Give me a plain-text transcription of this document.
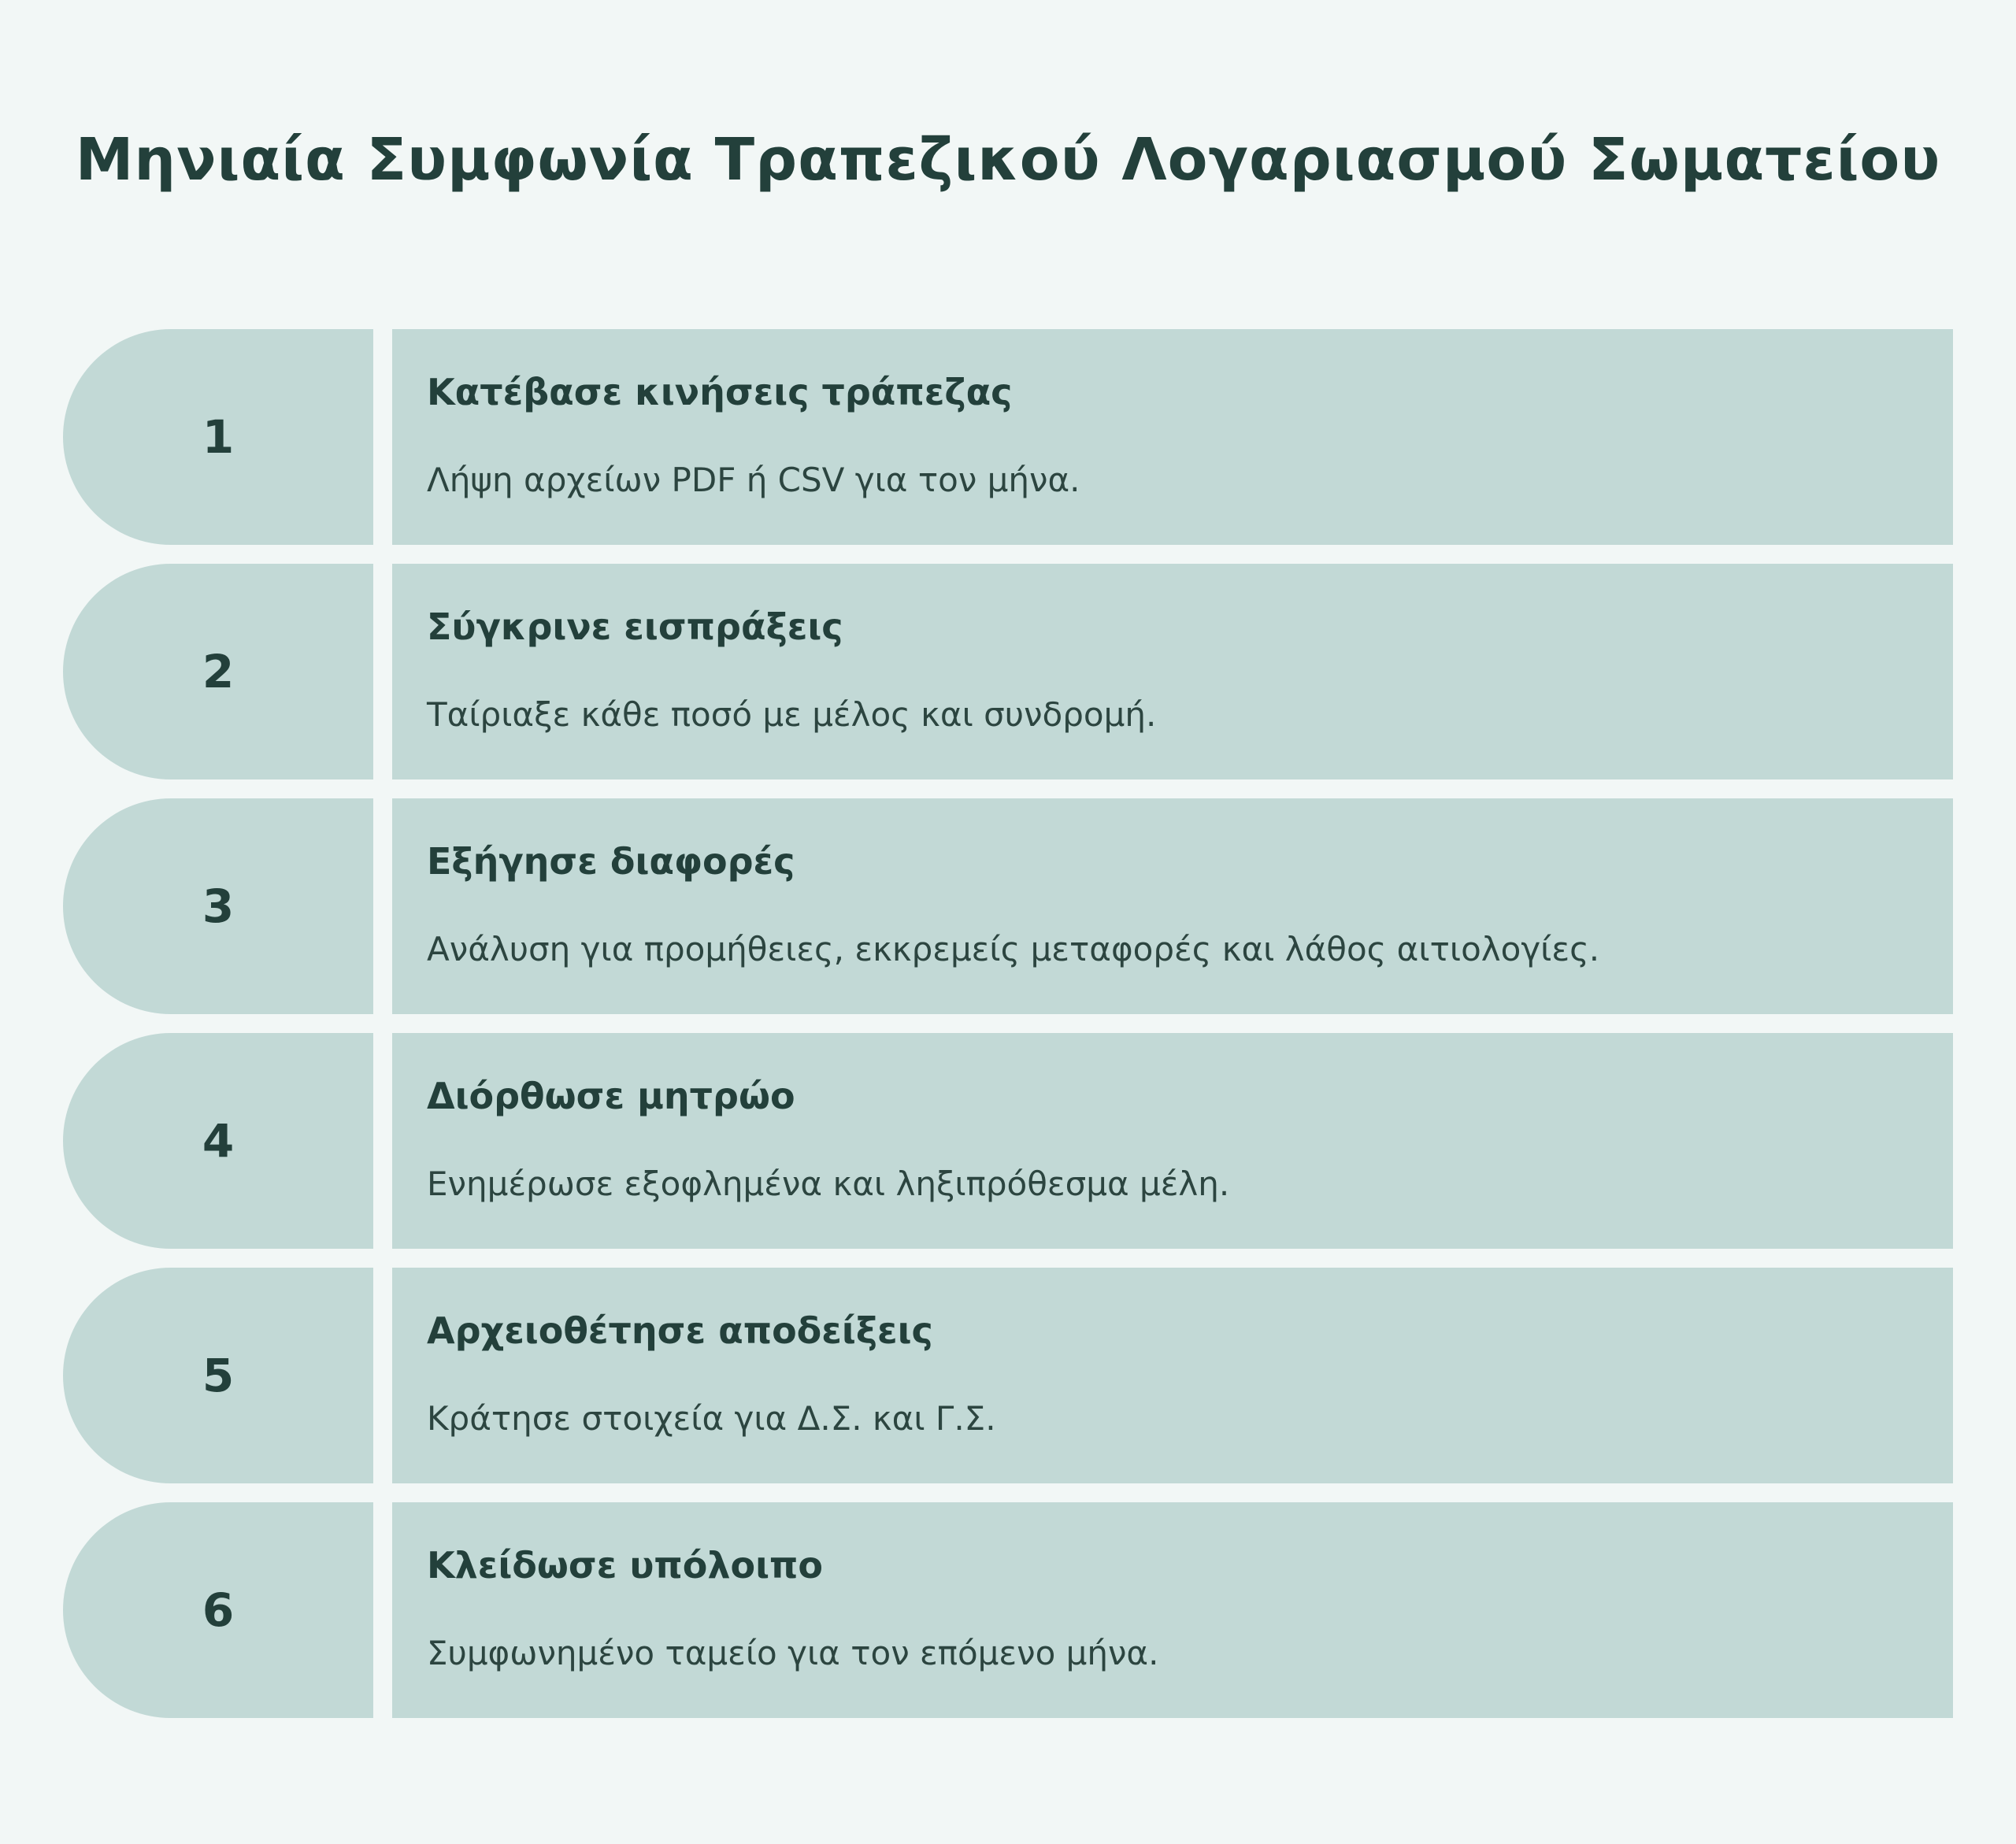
Μηνιαία Συμφωνία Τραπεζικού Λογαριασμού Σωματείου
1
Κατέβασε κινήσεις τράπεζας
Λήψη αρχείων PDF ή CSV για τον μήνα.
2
Σύγκρινε εισπράξεις
Ταίριαξε κάθε ποσό με μέλος και συνδρομή.
3
Εξήγησε διαφορές
Ανάλυση για προμήθειες, εκκρεμείς μεταφορές και λάθος αιτιολογίες.
4
Διόρθωσε μητρώο
Ενημέρωσε εξοφλημένα και ληξιπρόθεσμα μέλη.
5
Αρχειοθέτησε αποδείξεις
Κράτησε στοιχεία για Δ.Σ. και Γ.Σ.
6
Κλείδωσε υπόλοιπο
Συμφωνημένο ταμείο για τον επόμενο μήνα.
